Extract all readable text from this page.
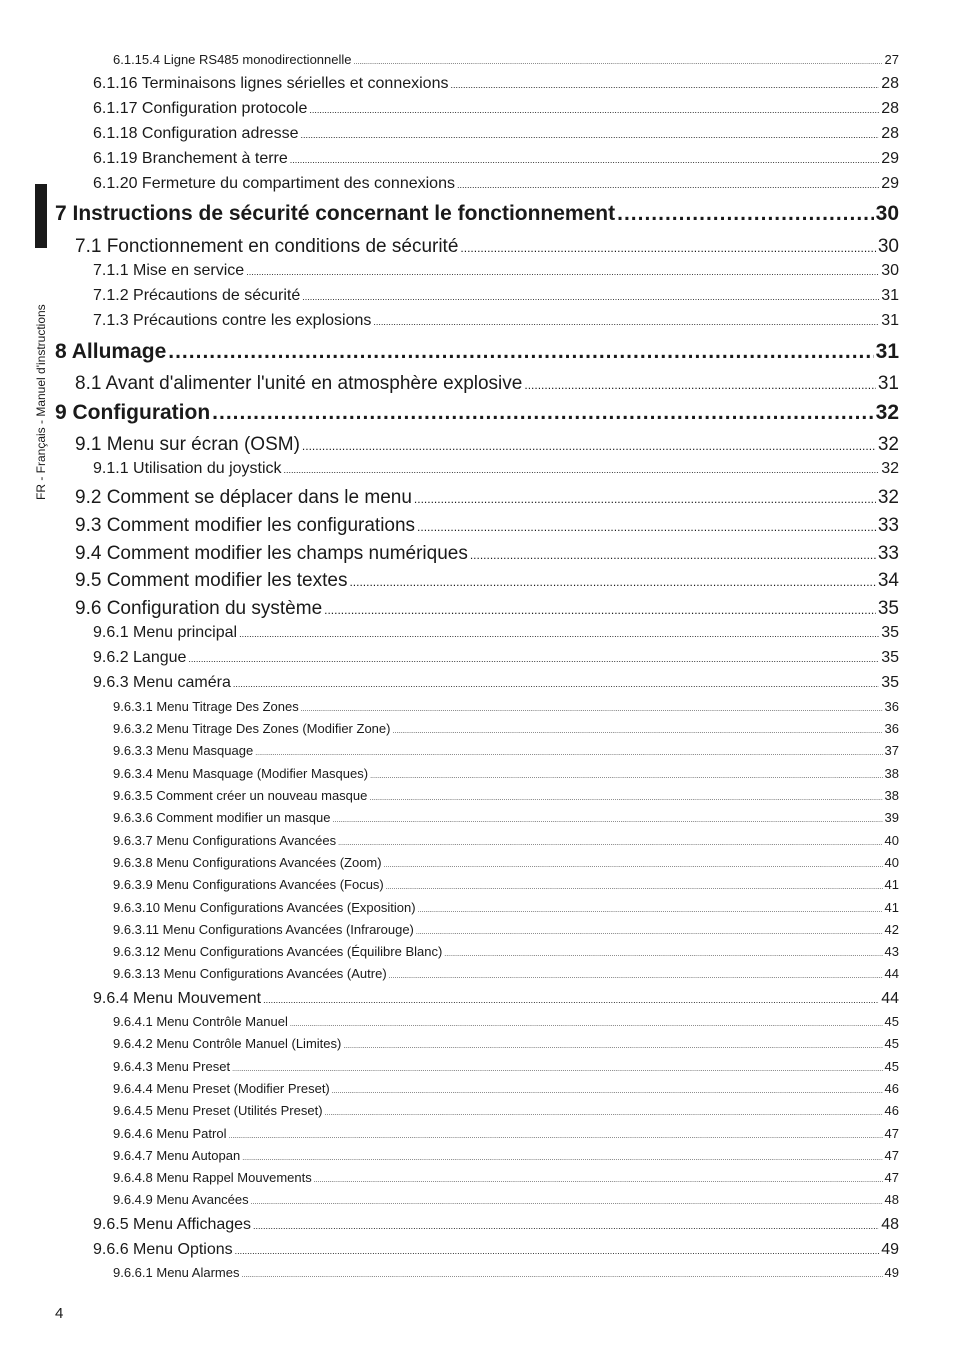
FR - Français - Manuel d'instructions
6.1.15.4 Ligne RS485 monodirectionnelle .....	27
6.1.16 Terminaisons lignes sérielles et connexions .....	28
6.1.17 Configuration protocole .....	28
6.1.18 Configuration adresse .....	28
6.1.19 Branchement à terre .....	29
6.1.20 Fermeture du compartiment des connexions .....	29
7 Instructions de sécurité concernant le fonctionnement .....	30
7.1 Fonctionnement en conditions de sécurité .....	30
7.1.1 Mise en service .....	30
7.1.2 Précautions de sécurité .....	31
7.1.3 Précautions contre les explosions .....	31
8 Allumage .....	31
8.1 Avant d'alimenter l'unité en atmosphère explosive .....	31
9 Configuration .....	32
9.1 Menu sur écran (OSM) .....	32
9.1.1 Utilisation du joystick .....	32
9.2 Comment se déplacer dans le menu .....	32
9.3 Comment modifier les configurations .....	33
9.4 Comment modifier les champs numériques .....	33
9.5 Comment modifier les textes .....	34
9.6 Configuration du système .....	35
9.6.1 Menu principal .....	35
9.6.2 Langue .....	35
9.6.3 Menu caméra .....	35
9.6.3.1 Menu Titrage Des Zones .....	36
9.6.3.2 Menu Titrage Des Zones (Modifier Zone) .....	36
9.6.3.3 Menu Masquage .....	37
9.6.3.4 Menu Masquage (Modifier Masques) .....	38
9.6.3.5 Comment créer un nouveau masque .....	38
9.6.3.6 Comment modifier un masque .....	39
9.6.3.7 Menu Configurations Avancées .....	40
9.6.3.8 Menu Configurations Avancées (Zoom) .....	40
9.6.3.9 Menu Configurations Avancées (Focus) .....	41
9.6.3.10 Menu Configurations Avancées (Exposition) .....	41
9.6.3.11 Menu Configurations Avancées (Infrarouge) .....	42
9.6.3.12 Menu Configurations Avancées (Équilibre Blanc) .....	43
9.6.3.13 Menu Configurations Avancées (Autre) .....	44
9.6.4 Menu Mouvement .....	44
9.6.4.1 Menu Contrôle Manuel .....	45
9.6.4.2 Menu Contrôle Manuel (Limites) .....	45
9.6.4.3 Menu Preset .....	45
9.6.4.4 Menu Preset (Modifier Preset) .....	46
9.6.4.5 Menu Preset (Utilités Preset) .....	46
9.6.4.6 Menu Patrol .....	47
9.6.4.7 Menu Autopan .....	47
9.6.4.8 Menu Rappel Mouvements .....	47
9.6.4.9 Menu Avancées .....	48
9.6.5 Menu Affichages .....	48
9.6.6 Menu Options .....	49
9.6.6.1 Menu Alarmes .....	49
4
